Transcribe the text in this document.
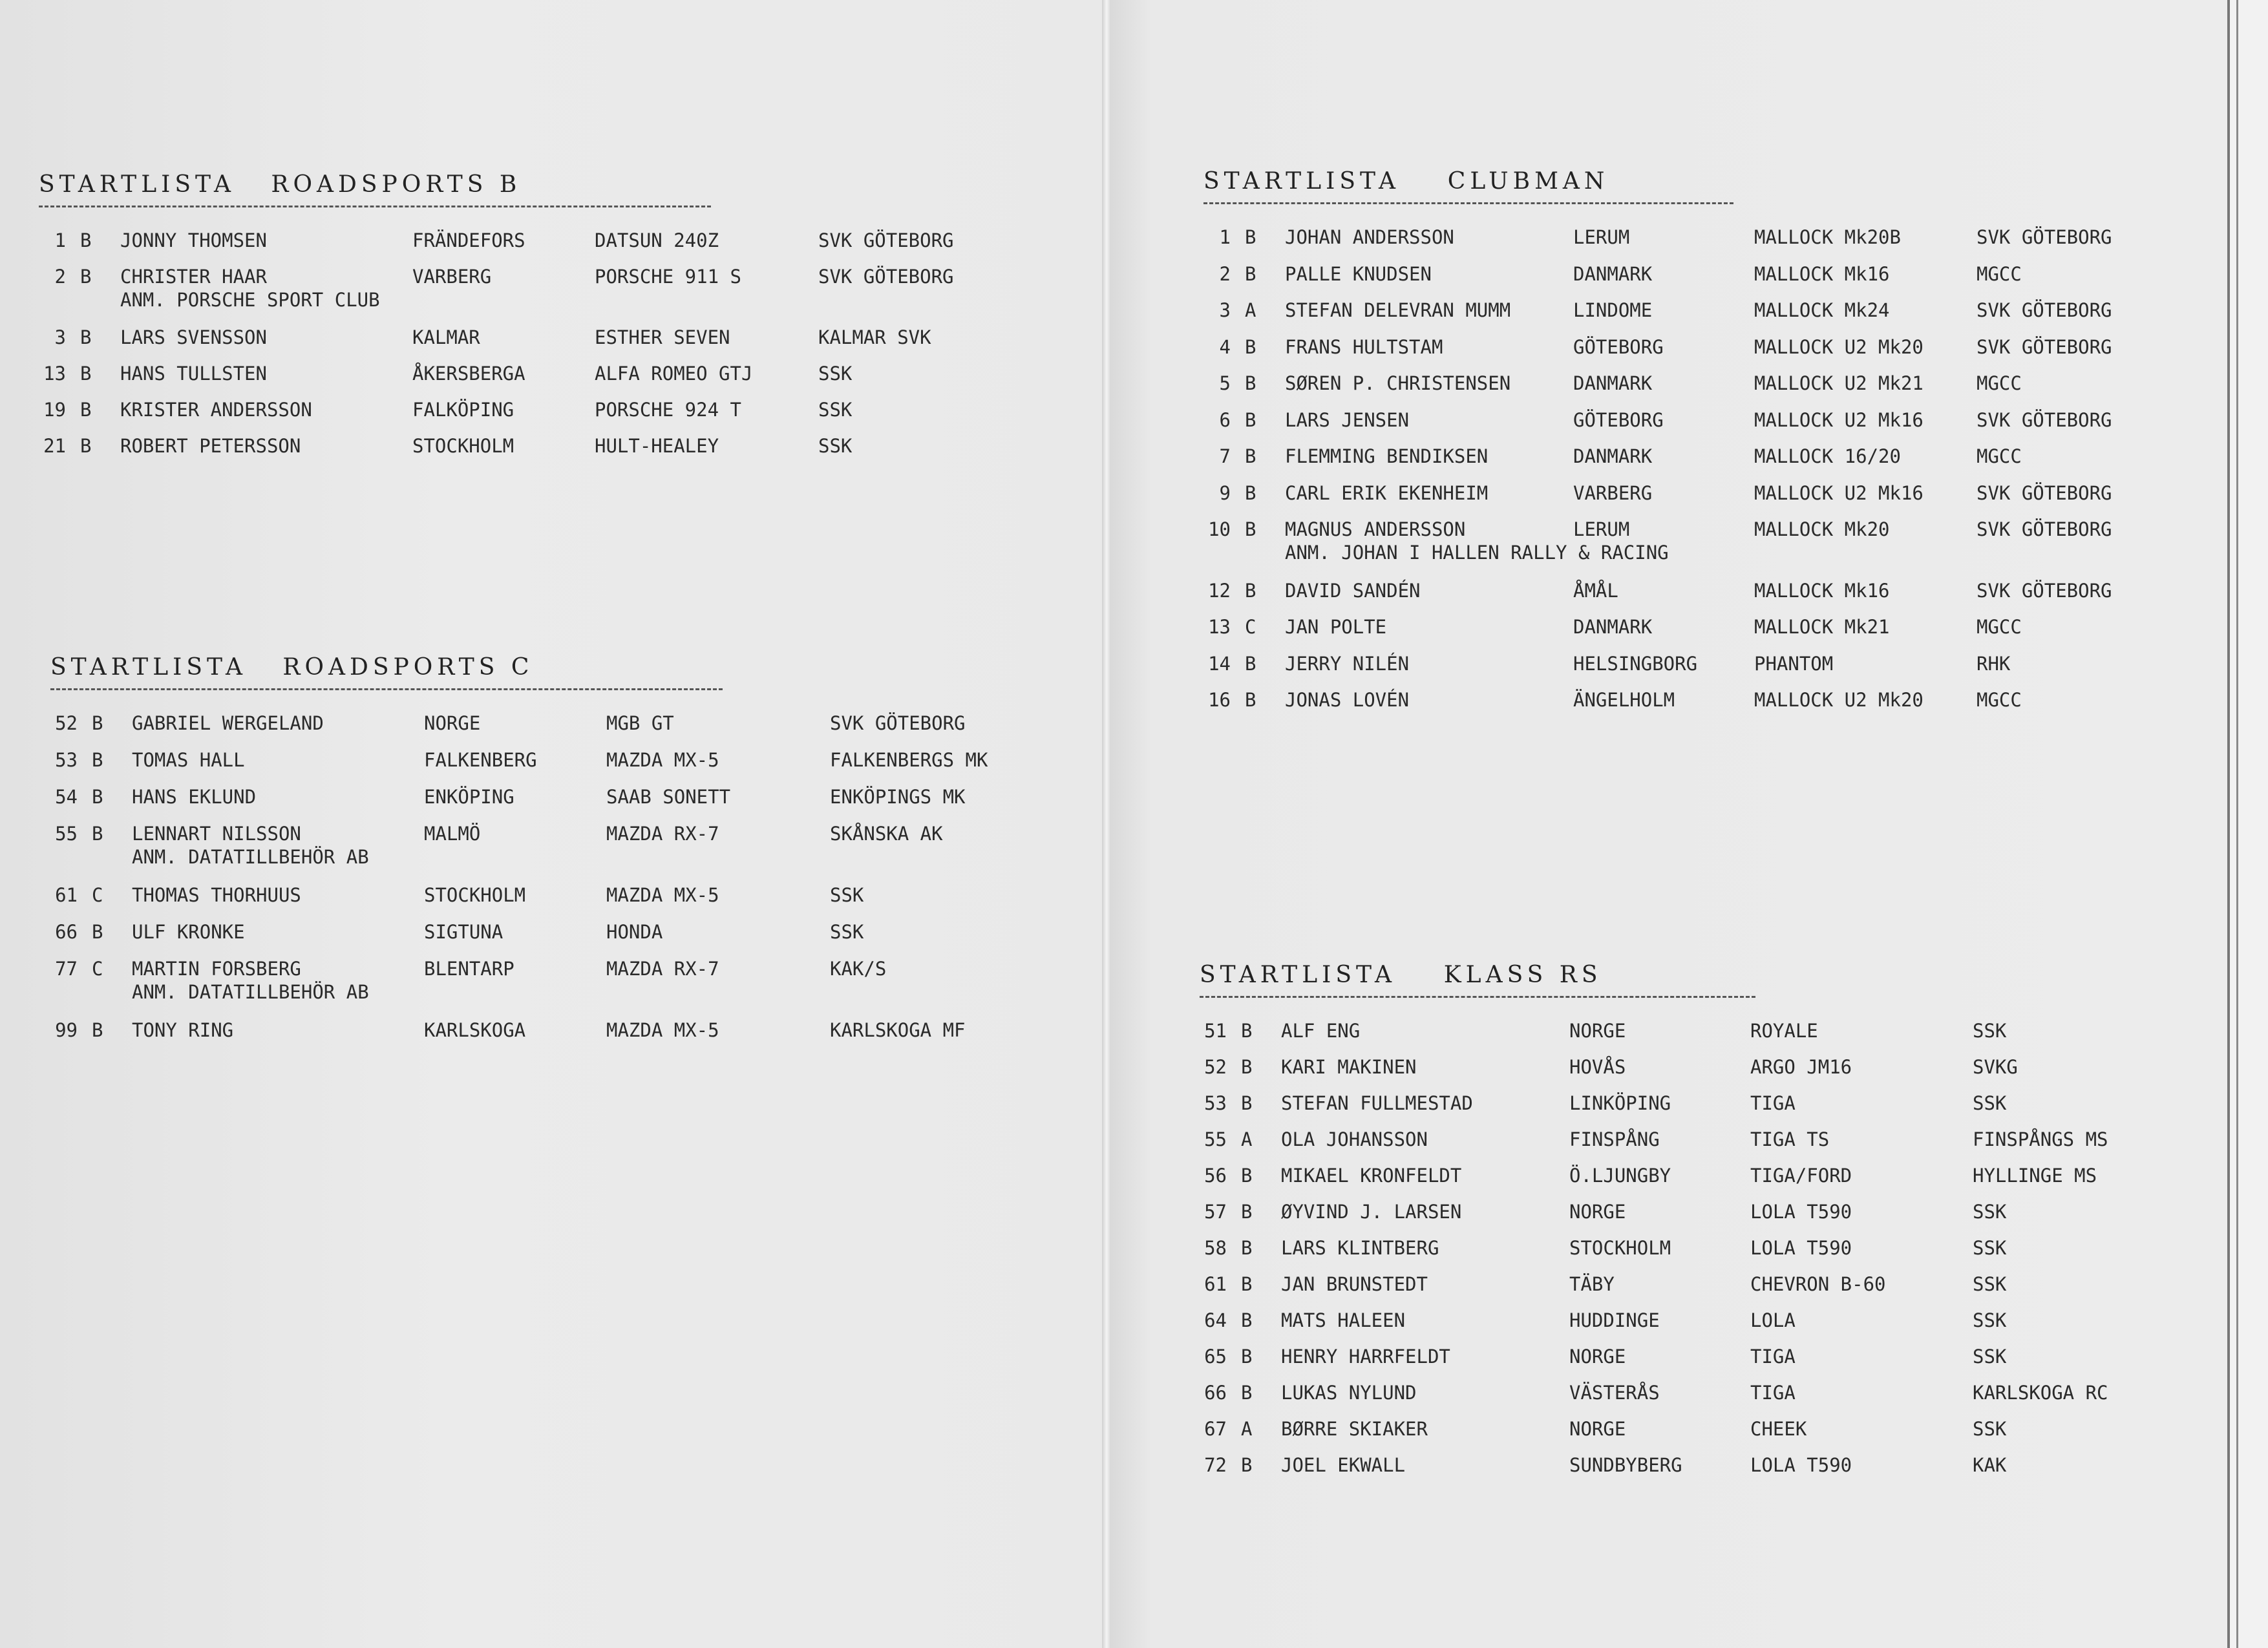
STARTLISTA   ROADSPORTS B
1 B JONNY THOMSEN	FRÄNDEFORS	DATSUN 240Z	SVK GÖTEBORG
2 B CHRISTER HAAR	VARBERG	PORSCHE 911 S	SVK GÖTEBORG
ANM. PORSCHE SPORT CLUB
3 B LARS SVENSSON	KALMAR	ESTHER SEVEN	KALMAR SVK
13 B HANS TULLSTEN	ÅKERSBERGA	ALFA ROMEO GTJ	SSK
19 B KRISTER ANDERSSON	FALKÖPING	PORSCHE 924 T	SSK
21 B ROBERT PETERSSON	STOCKHOLM	HULT-HEALEY	SSK
STARTLISTA   ROADSPORTS C
52 B GABRIEL WERGELAND	NORGE	MGB GT	SVK GÖTEBORG
53 B TOMAS HALL	FALKENBERG	MAZDA MX-5	FALKENBERGS MK
54 B HANS EKLUND	ENKÖPING	SAAB SONETT	ENKÖPINGS MK
55 B LENNART NILSSON	MALMÖ	MAZDA RX-7	SKÅNSKA AK
ANM. DATATILLBEHÖR AB
61 C THOMAS THORHUUS	STOCKHOLM	MAZDA MX-5	SSK
66 B ULF KRONKE	SIGTUNA	HONDA	SSK
77 C MARTIN FORSBERG	BLENTARP	MAZDA RX-7	KAK/S
ANM. DATATILLBEHÖR AB
99 B TONY RING	KARLSKOGA	MAZDA MX-5	KARLSKOGA MF
STARTLISTA    CLUBMAN
1 B JOHAN ANDERSSON	LERUM	MALLOCK Mk20B	SVK GÖTEBORG
2 B PALLE KNUDSEN	DANMARK	MALLOCK Mk16	MGCC
3 A STEFAN DELEVRAN MUMM	LINDOME	MALLOCK Mk24	SVK GÖTEBORG
4 B FRANS HULTSTAM	GÖTEBORG	MALLOCK U2 Mk20	SVK GÖTEBORG
5 B SØREN P. CHRISTENSEN	DANMARK	MALLOCK U2 Mk21	MGCC
6 B LARS JENSEN	GÖTEBORG	MALLOCK U2 Mk16	SVK GÖTEBORG
7 B FLEMMING BENDIKSEN	DANMARK	MALLOCK 16/20	MGCC
9 B CARL ERIK EKENHEIM	VARBERG	MALLOCK U2 Mk16	SVK GÖTEBORG
10 B MAGNUS ANDERSSON	LERUM	MALLOCK Mk20	SVK GÖTEBORG
ANM. JOHAN I HALLEN RALLY & RACING
12 B DAVID SANDÉN	ÅMÅL	MALLOCK Mk16	SVK GÖTEBORG
13 C JAN POLTE	DANMARK	MALLOCK Mk21	MGCC
14 B JERRY NILÉN	HELSINGBORG	PHANTOM	RHK
16 B JONAS LOVÉN	ÄNGELHOLM	MALLOCK U2 Mk20	MGCC
STARTLISTA    KLASS RS
51 B ALF ENG	NORGE	ROYALE	SSK
52 B KARI MAKINEN	HOVÅS	ARGO JM16	SVKG
53 B STEFAN FULLMESTAD	LINKÖPING	TIGA	SSK
55 A OLA JOHANSSON	FINSPÅNG	TIGA TS	FINSPÅNGS MS
56 B MIKAEL KRONFELDT	Ö.LJUNGBY	TIGA/FORD	HYLLINGE MS
57 B ØYVIND J. LARSEN	NORGE	LOLA T590	SSK
58 B LARS KLINTBERG	STOCKHOLM	LOLA T590	SSK
61 B JAN BRUNSTEDT	TÄBY	CHEVRON B-60	SSK
64 B MATS HALEEN	HUDDINGE	LOLA	SSK
65 B HENRY HARRFELDT	NORGE	TIGA	SSK
66 B LUKAS NYLUND	VÄSTERÅS	TIGA	KARLSKOGA RC
67 A BØRRE SKIAKER	NORGE	CHEEK	SSK
72 B JOEL EKWALL	SUNDBYBERG	LOLA T590	KAK
